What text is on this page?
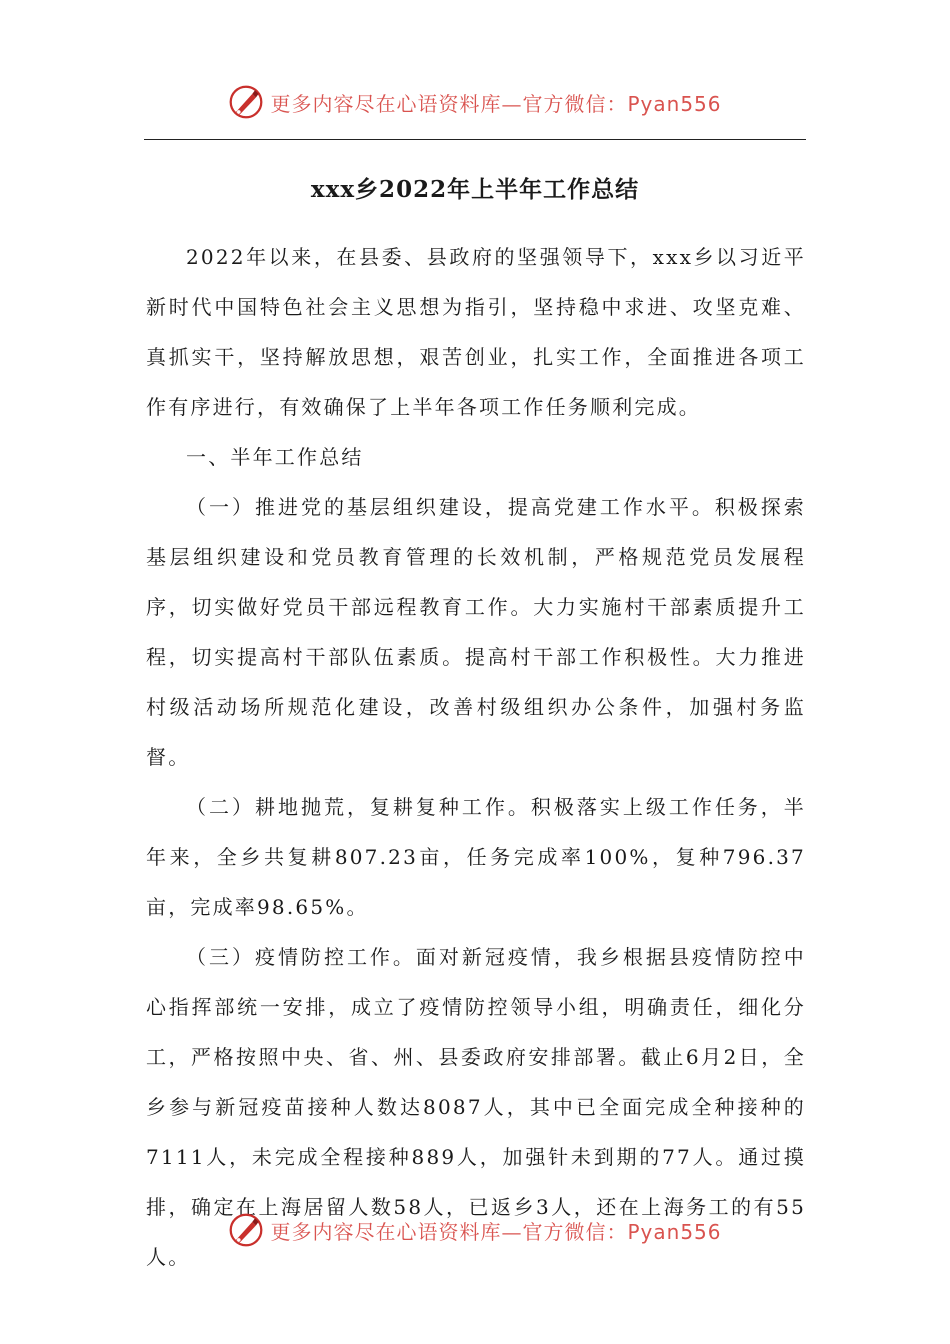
更多内容尽在心语资料库—官方微信：Pyan556
xxx乡2022年上半年工作总结

2022年以来，在县委、县政府的坚强领导下，xxx乡以习近平新时代中国特色社会主义思想为指引，坚持稳中求进、攻坚克难、真抓实干，坚持解放思想，艰苦创业，扎实工作，全面推进各项工作有序进行，有效确保了上半年各项工作任务顺利完成。

一、半年工作总结

（一）推进党的基层组织建设，提高党建工作水平。积极探索基层组织建设和党员教育管理的长效机制，严格规范党员发展程序，切实做好党员干部远程教育工作。大力实施村干部素质提升工程，切实提高村干部队伍素质。提高村干部工作积极性。大力推进村级活动场所规范化建设，改善村级组织办公条件，加强村务监督。

（二）耕地抛荒，复耕复种工作。积极落实上级工作任务，半年来，全乡共复耕807.23亩，任务完成率100%，复种796.37亩，完成率98.65%。

（三）疫情防控工作。面对新冠疫情，我乡根据县疫情防控中心指挥部统一安排，成立了疫情防控领导小组，明确责任，细化分工，严格按照中央、省、州、县委政府安排部署。截止6月2日，全乡参与新冠疫苗接种人数达8087人，其中已全面完成全种接种的7111人，未完成全程接种889人，加强针未到期的77人。通过摸排，确定在上海居留人数58人，已返乡3人，还在上海务工的有55人。

更多内容尽在心语资料库—官方微信：Pyan556
